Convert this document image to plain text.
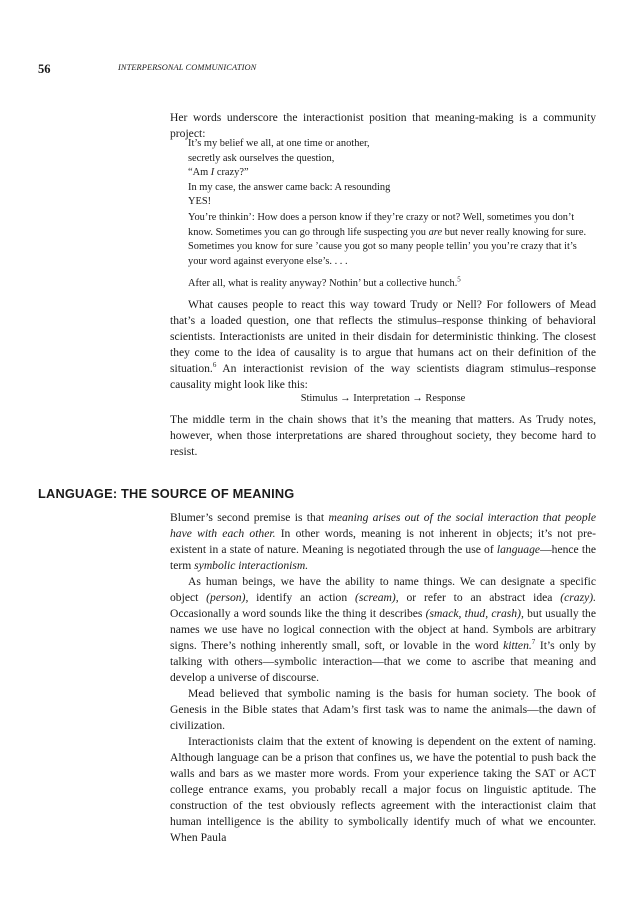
56	INTERPERSONAL COMMUNICATION

Her words underscore the interactionist position that meaning-making is a community project:

It’s my belief we all, at one time or another,

secretly ask ourselves the question,

“Am I crazy?”

In my case, the answer came back: A resounding

YES!

You’re thinkin’: How does a person know if they’re crazy or not? Well, sometimes you don’t know. Sometimes you can go through life suspecting you are but never really knowing for sure. Sometimes you know for sure ’cause you got so many people tellin’ you you’re crazy that it’s your word against everyone else’s. . . .

After all, what is reality anyway? Nothin’ but a collective hunch.$^5$

What causes people to react this way toward Trudy or Nell? For followers of Mead that’s a loaded question, one that reflects the stimulus–response thinking of behavioral scientists. Interactionists are united in their disdain for deterministic thinking. The closest they come to the idea of causality is to argue that humans act on their definition of the situation.$^6$ An interactionist revision of the way scientists diagram stimulus–response causality might look like this:

Stimulus → Interpretation → Response

The middle term in the chain shows that it’s the meaning that matters. As Trudy notes, however, when those interpretations are shared throughout society, they become hard to resist.

LANGUAGE: THE SOURCE OF MEANING

Blumer’s second premise is that meaning arises out of the social interaction that people have with each other. In other words, meaning is not inherent in objects; it’s not pre-existent in a state of nature. Meaning is negotiated through the use of language—hence the term symbolic interactionism.

As human beings, we have the ability to name things. We can designate a specific object (person), identify an action (scream), or refer to an abstract idea (crazy). Occasionally a word sounds like the thing it describes (smack, thud, crash), but usually the names we use have no logical connection with the object at hand. Symbols are arbitrary signs. There’s nothing inherently small, soft, or lovable in the word kitten.$^7$ It’s only by talking with others—symbolic interaction—that we come to ascribe that meaning and develop a universe of discourse.

Mead believed that symbolic naming is the basis for human society. The book of Genesis in the Bible states that Adam’s first task was to name the animals—the dawn of civilization.

Interactionists claim that the extent of knowing is dependent on the extent of naming. Although language can be a prison that confines us, we have the potential to push back the walls and bars as we master more words. From your experience taking the SAT or ACT college entrance exams, you probably recall a major focus on linguistic aptitude. The construction of the test obviously reflects agreement with the interactionist claim that human intelligence is the ability to symbolically identify much of what we encounter. When Paula
